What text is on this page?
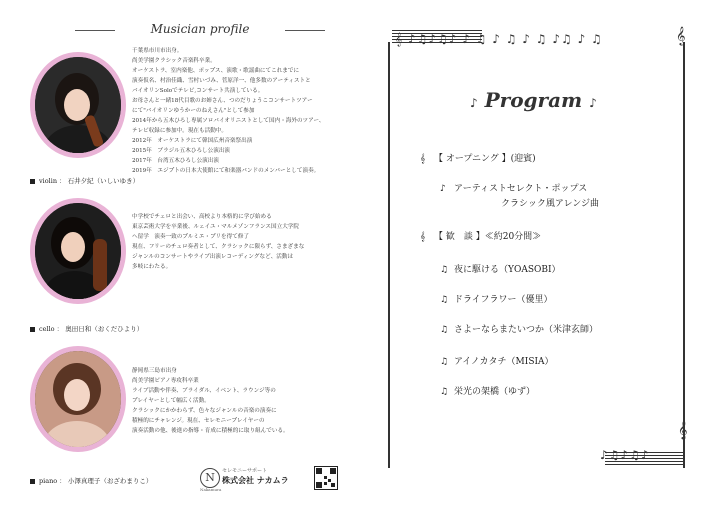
Musician profile
千葉県市川市出身。
尚美学園クラシック音楽科卒業。
オーケストラ、室内楽他、ポップス、演歌・歌謡曲にてこれまでに
演奏仮名、村治佳織、雪村いづみ、菅原洋一、他多数のアーティストと
バイオリンSoloでテレビ,コンサート共演している。
お母さんと一緒18代目歌のお姉さん、つのだりょうこコンサートツアー
にて"バイオリンゆうかーのねえさん"として参加
2014年から五木ひろし専属ソロバイオリニストとして国内・海外のツアー、
テレビ収録に参加中。現在も活動中。
2012年　オーケストラにて韓国広州音楽祭出演
2015年　ブラジル五木ひろし公演出演
2017年　台湾五木ひろし公演出演
2019年　エジプトの日本大使館にて和楽器バンドのメンバーとして演奏。
violin ： 石井夕紀（いしいゆき）
中学校でチェロと出会い、高校より本格的に学び始める
東京芸術大学を卒業後、ルェイユ・マルメゾンフランス国立大学院
へ留学　演奏一致のプルミエ・プリを得て修了
現在、フリーのチェロ奏者として、クラシックに限らず、さまざまな
ジャンルのコンサートやライブ出演レコーディングなど、活動は
多岐にわたる。
cello ： 奥田日和（おくだひより）
静岡県三島市出身
尚美学園ピアノ専攻科卒業
ライブ活動や伴奏、ブライダル、イベント、ラウンジ等の
プレイヤーとして幅広く活動。
クラシックにかかわらず、色々なジャンルの音楽の演奏に
積極的にチャレンジ。現在、セレモニープレイヤーの
演奏活動の他、後進の指導・育成に積極的に取り組んでいる。
piano ： 小澤真理子（おざわまりこ）	N	セレモニーサポート
株式会社 ナカムラ
Nakamura
𝄞 ♪♫♪♫♪ ♪ ♫ ♪ ♫ ♪ ♫ ♪♫ ♪ ♫	𝄞
𝄞
♪♫♪♫♪
♪ Program ♪
𝄞 【 オープニング 】(迎賓)
♪ アーティストセレクト・ポップス
クラシック風アレンジ曲
𝄞 【 歓　談 】≪約20分間≫
♫ 夜に駆ける（YOASOBI）
♫ ドライフラワー（優里）
♫ さよーならまたいつか（米津玄師）
♫ アイノカタチ（MISIA）
♫ 栄光の架橋（ゆず）
